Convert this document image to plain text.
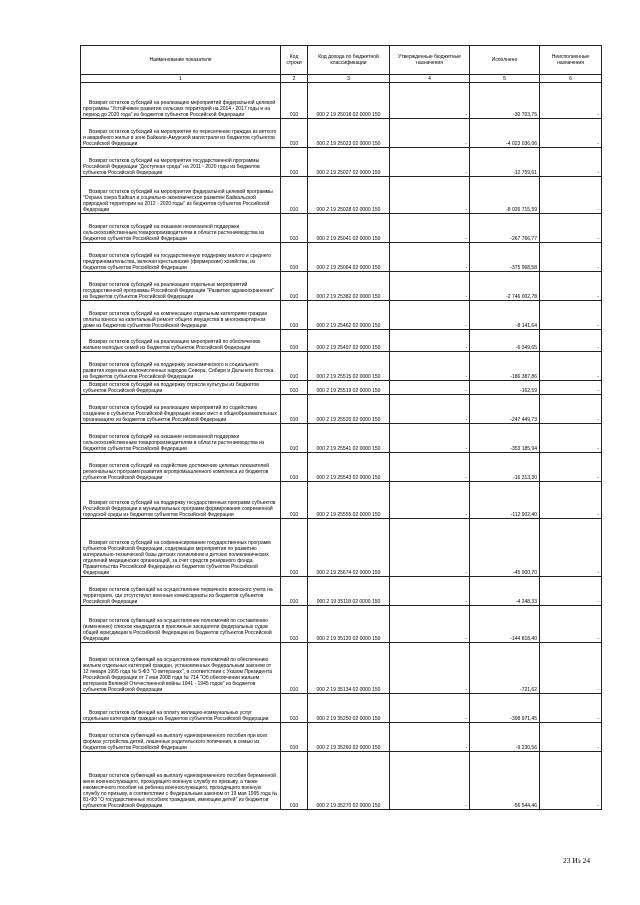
Наименование показателя	Код строки	Код дохода по бюджетной классификации	Утвержденные бюджетные назначения	Исполнено	Неисполненные назначения
1	2	3	4	5	6

Возврат остатков субсидий на реализацию мероприятий федеральной целевой программы "Устойчивое развитие сельских территорий на 2014 - 2017 годы и на период до 2020 года" из бюджетов субъектов Российской Федерации	010	000 2 19 25018 02 0000 150	-	-30 703,75	-

Возврат остатков субсидий на мероприятия по переселению граждан из ветхого и аварийного жилья в зоне Байкало-Амурской магистрали из бюджетов субъектов Российской Федерации	010	000 2 19 25023 02 0000 150	-	-4 023 036,06	-

Возврат остатков субсидий на мероприятия государственной программы Российской Федерации "Доступная среда" на 2011 - 2020 годы из бюджетов субъектов Российской Федерации	010	000 2 19 25027 02 0000 150	-	-12 759,61	-

Возврат остатков субсидий на мероприятия федеральной целевой программы "Охрана озера Байкал и социально-экономическое развитие Байкальской природной территории на 2012 - 2020 годы" из бюджетов субъектов Российской Федерации	010	000 2 19 25028 02 0000 150	-	-8 026 715,59	-

Возврат остатков субсидий на оказание несвязанной поддержки сельскохозяйственным товаропроизводителям в области растениеводства из бюджетов субъектов Российской Федерации	010	000 2 19 25041 02 0000 150	-	-267 766,77	-

Возврат остатков субсидий на государственную поддержку малого и среднего предпринимательства, включая крестьянские (фермерские) хозяйства, из бюджетов субъектов Российской Федерации	010	000 2 19 25064 02 0000 150	-	-375 968,58	-

Возврат остатков субсидий на реализацию отдельных мероприятий государственной программы Российской Федерации "Развитие здравоохранения" из бюджетов субъектов Российской Федерации	010	000 2 19 25382 02 0000 150	-	-2 746 002,78	-

Возврат остатков субсидий на компенсацию отдельным категориям граждан оплаты взноса на капитальный ремонт общего имущества в многоквартирном доме из бюджетов субъектов Российской Федерации	010	000 2 19 25462 02 0000 150	-	-8 141,64	-

Возврат остатков субсидий на реализацию мероприятий по обеспечению жильем молодых семей из бюджетов субъектов Российской Федерации	010	000 2 19 25497 02 0000 150	-	-6 349,65	-

Возврат остатков субсидий на поддержку экономического и социального развития коренных малочисленных народов Севера, Сибири и Дальнего Востока из бюджетов субъектов Российской Федерации	010	000 2 19 25515 02 0000 150	-	-186 387,86	-

Возврат остатков субсидий на поддержку отрасли культуры из бюджетов субъектов Российской Федерации	010	000 2 19 25519 02 0000 150	-	-162,59	-

Возврат остатков субсидий на реализацию мероприятий по содействию созданию в субъектах Российской Федерации новых мест в общеобразовательных организациях из бюджетов субъектов Российской Федерации	010	000 2 19 25520 02 0000 150	-	-247 449,73	-

Возврат остатков субсидий на оказание несвязанной поддержки сельскохозяйственным товаропроизводителям в области растениеводства из бюджетов субъектов Российской Федерации	010	000 2 19 25541 02 0000 150	-	-353 185,94	-

Возврат остатков субсидий на содействие достижению целевых показателей региональных программ развития агропромышленного комплекса из бюджетов субъектов Российской Федерации	010	000 2 19 25543 02 0000 150	-	-16 313,30	-

Возврат остатков субсидий на поддержку государственных программ субъектов Российской Федерации и муниципальных программ формирования современной городской среды из бюджетов субъектов Российской Федерации	010	000 2 19 25555 02 0000 150	-	-112 902,40	-

Возврат остатков субсидий на софинансирование государственных программ субъектов Российской Федерации, содержащих мероприятия по развитию материально-технической базы детских поликлиник и детских поликлинических отделений медицинских организаций, за счет средств резервного фонда Правительства Российской Федерации из бюджетов субъектов Российской Федерации	010	000 2 19 25674 02 0000 150	-	-45 900,70	-

Возврат остатков субвенций на осуществление первичного воинского учета на территориях, где отсутствуют военные комиссариаты из бюджетов субъектов Российской Федерации	010	000 2 19 35118 02 0000 150	-	-4 248,33	-

Возврат остатков субвенций на осуществление полномочий по составлению (изменению) списков кандидатов в присяжные заседатели федеральных судов общей юрисдикции в Российской Федерации из бюджетов субъектов Российской Федерации	010	000 2 19 35120 02 0000 150	-	-144 818,40	-

Возврат остатков субвенций на осуществление полномочий по обеспечению жильем отдельных категорий граждан, установленных Федеральным законом от 12 января 1995 года № 5-ФЗ "О ветеранах", в соответствии с Указом Президента Российской Федерации от 7 мая 2008 года № 714 "Об обеспечении жильем ветеранов Великой Отечественной войны 1941 - 1945 годов" из бюджетов субъектов Российской Федерации	010	000 2 19 35134 02 0000 150	-	-721,62	-

Возврат остатков субвенций на оплату жилищно-коммунальных услуг отдельным категориям граждан из бюджетов субъектов Российской Федерации	010	000 2 19 35250 02 0000 150	-	-398 971,45	-

Возврат остатков субвенций на выплату единовременного пособия при всех формах устройства детей, лишенных родительского попечения, в семью из бюджетов субъектов Российской Федерации	010	000 2 19 35260 02 0000 150	-	-9 230,56	-

Возврат остатков субвенций на выплату единовременного пособия беременной жене военнослужащего, проходящего военную службу по призыву, а также ежемесячного пособия на ребенка военнослужащего, проходящего военную службу по призыву, в соответствии с Федеральным законом от 19 мая 1995 года № 81-ФЗ "О государственных пособиях гражданам, имеющим детей" из бюджетов субъектов Российской Федерации	010	000 2 19 35270 02 0000 150	-	-56 544,46	-
23 Из 24
